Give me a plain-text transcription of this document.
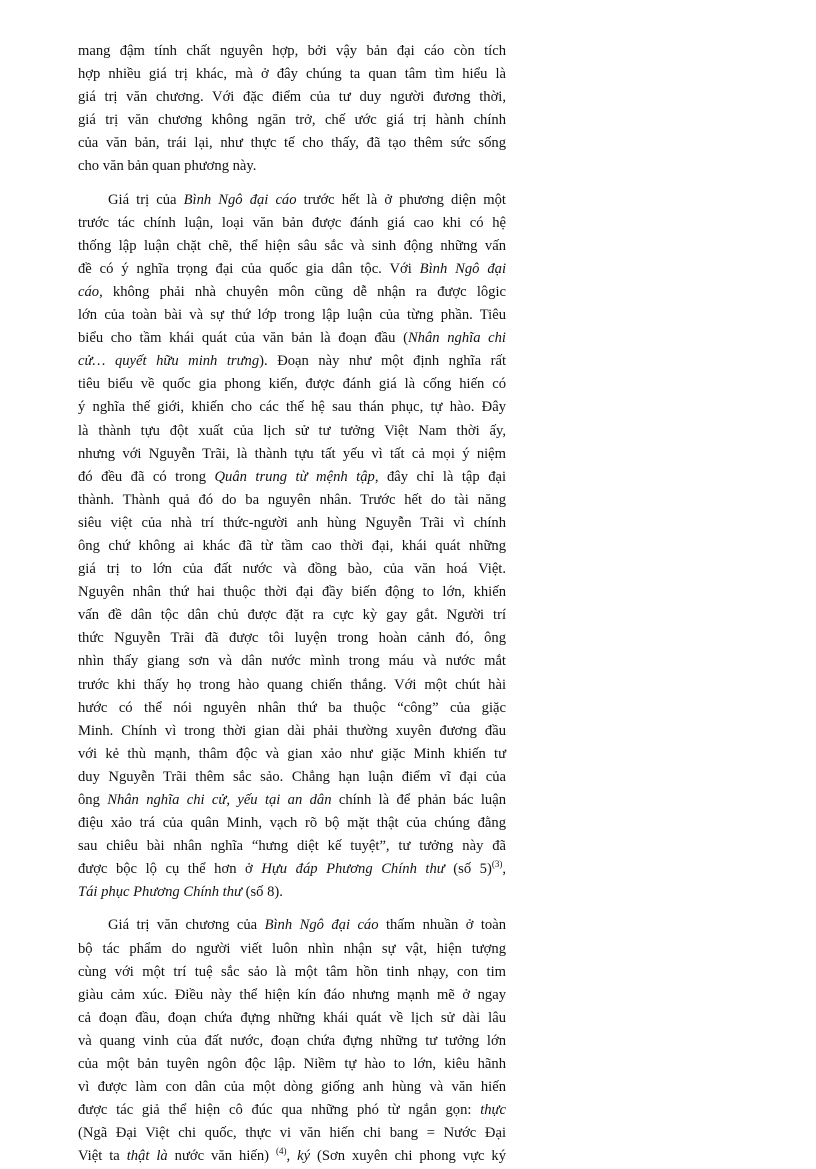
mang đậm tính chất nguyên hợp, bởi vậy bản đại cáo còn tích
hợp nhiều giá trị khác, mà ở đây chúng ta quan tâm tìm hiểu là
giá trị văn chương. Với đặc điểm của tư duy người đương thời,
giá trị văn chương không ngăn trở, chế ước giá trị hành chính
của văn bản, trái lại, như thực tế cho thấy, đã tạo thêm sức sống
cho văn bản quan phương này.
Giá trị của Bình Ngô đại cáo trước hết là ở phương diện một
trước tác chính luận, loại văn bản được đánh giá cao khi có hệ
thống lập luận chặt chẽ, thể hiện sâu sắc và sinh động những vấn
đề có ý nghĩa trọng đại của quốc gia dân tộc. Với Bình Ngô đại
cáo, không phải nhà chuyên môn cũng dễ nhận ra được lôgic
lớn của toàn bài và sự thứ lớp trong lập luận của từng phần. Tiêu
biểu cho tầm khái quát của văn bản là đoạn đầu (Nhân nghĩa chi
cử… quyết hữu minh trưng). Đoạn này như một định nghĩa rất
tiêu biểu về quốc gia phong kiến, được đánh giá là cống hiến có
ý nghĩa thế giới, khiến cho các thế hệ sau thán phục, tự hào. Đây
là thành tựu đột xuất của lịch sử tư tưởng Việt Nam thời ấy,
nhưng với Nguyễn Trãi, là thành tựu tất yếu vì tất cả mọi ý niệm
đó đều đã có trong Quân trung từ mệnh tập, đây chỉ là tập đại
thành. Thành quả đó do ba nguyên nhân. Trước hết do tài năng
siêu việt của nhà trí thức-người anh hùng Nguyễn Trãi vì chính
ông chứ không ai khác đã từ tầm cao thời đại, khái quát những
giá trị to lớn của đất nước và đồng bào, của văn hoá Việt.
Nguyên nhân thứ hai thuộc thời đại đầy biến động to lớn, khiến
vấn đề dân tộc dân chủ được đặt ra cực kỳ gay gắt. Người trí
thức Nguyễn Trãi đã được tôi luyện trong hoàn cảnh đó, ông
nhìn thấy giang sơn và dân nước mình trong máu và nước mắt
trước khi thấy họ trong hào quang chiến thắng. Với một chút hài
hước có thể nói nguyên nhân thứ ba thuộc “công” của giặc
Minh. Chính vì trong thời gian dài phải thường xuyên đương đầu
với kẻ thù mạnh, thâm độc và gian xảo như giặc Minh khiến tư
duy Nguyễn Trãi thêm sắc sảo. Chẳng hạn luận điểm vĩ đại của
ông Nhân nghĩa chi cử, yếu tại an dân chính là để phản bác luận
điệu xảo trá của quân Minh, vạch rõ bộ mặt thật của chúng đằng
sau chiêu bài nhân nghĩa “hưng diệt kế tuyệt”, tư tưởng này đã
được bộc lộ cụ thể hơn ở Hựu đáp Phương Chính thư (số 5)$^{(3)}$,
Tái phục Phương Chính thư (số 8).
Giá trị văn chương của Bình Ngô đại cáo thấm nhuần ở toàn
bộ tác phẩm do người viết luôn nhìn nhận sự vật, hiện tượng
cùng với một trí tuệ sắc sảo là một tâm hồn tinh nhạy, con tim
giàu cảm xúc. Điều này thể hiện kín đáo nhưng mạnh mẽ ở ngay
cả đoạn đầu, đoạn chứa đựng những khái quát về lịch sử dài lâu
và quang vinh của đất nước, đoạn chứa đựng những tư tưởng lớn
của một bản tuyên ngôn độc lập. Niềm tự hào to lớn, kiêu hãnh
vì được làm con dân của một dòng giống anh hùng và văn hiến
được tác giả thể hiện cô đúc qua những phó từ ngắn gọn: thực
(Ngã Đại Việt chi quốc, thực vi văn hiến chi bang = Nước Đại
Việt ta thật là nước văn hiến) $^{(4)}$, ký (Sơn xuyên chi phong vực ký
